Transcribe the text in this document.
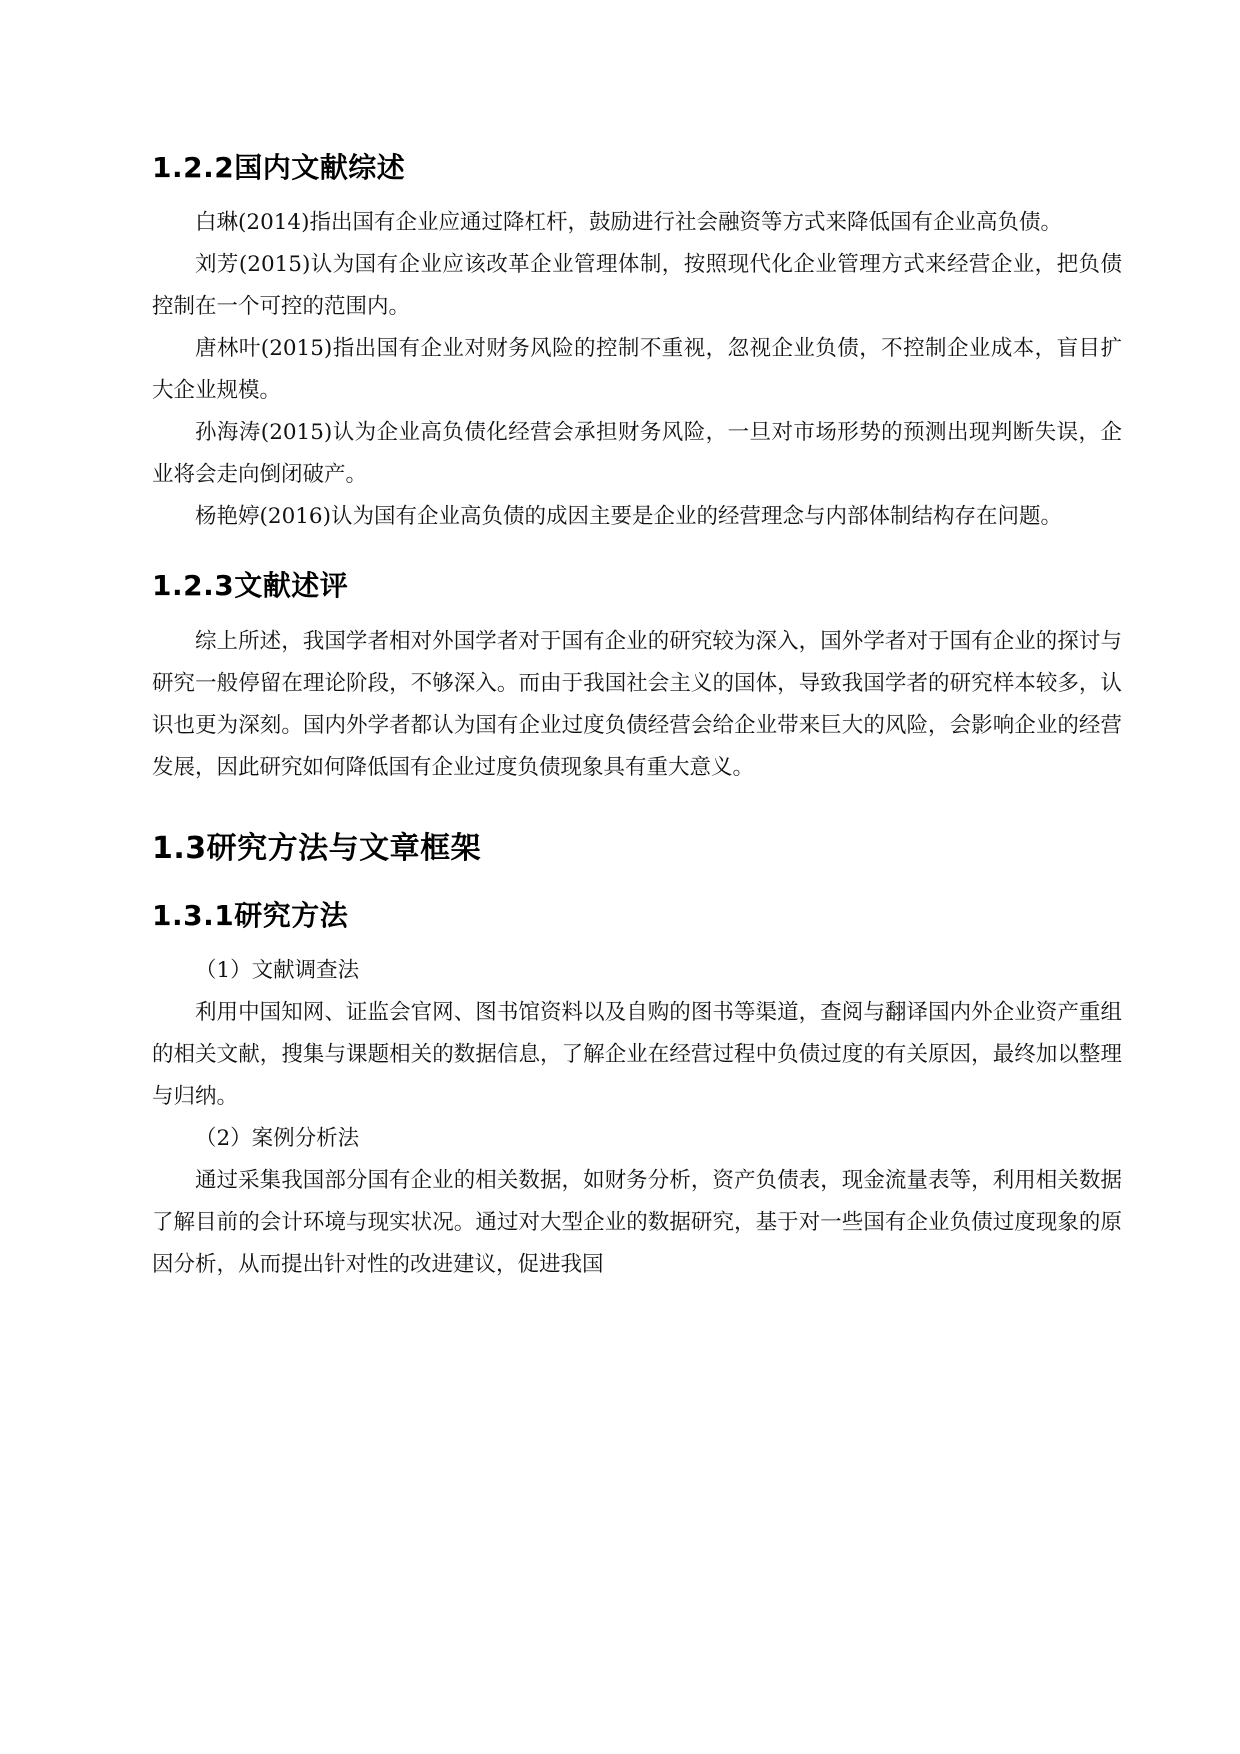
1.2.2国内文献综述

白琳(2014)指出国有企业应通过降杠杆，鼓励进行社会融资等方式来降低国有企业高负债。

刘芳(2015)认为国有企业应该改革企业管理体制，按照现代化企业管理方式来经营企业，把负债控制在一个可控的范围内。

唐林叶(2015)指出国有企业对财务风险的控制不重视，忽视企业负债，不控制企业成本，盲目扩大企业规模。

孙海涛(2015)认为企业高负债化经营会承担财务风险，一旦对市场形势的预测出现判断失误，企业将会走向倒闭破产。

杨艳婷(2016)认为国有企业高负债的成因主要是企业的经营理念与内部体制结构存在问题。

1.2.3文献述评

综上所述，我国学者相对外国学者对于国有企业的研究较为深入，国外学者对于国有企业的探讨与研究一般停留在理论阶段，不够深入。而由于我国社会主义的国体，导致我国学者的研究样本较多，认识也更为深刻。国内外学者都认为国有企业过度负债经营会给企业带来巨大的风险，会影响企业的经营发展，因此研究如何降低国有企业过度负债现象具有重大意义。

1.3研究方法与文章框架
1.3.1研究方法

（1）文献调查法

利用中国知网、证监会官网、图书馆资料以及自购的图书等渠道，查阅与翻译国内外企业资产重组的相关文献，搜集与课题相关的数据信息，了解企业在经营过程中负债过度的有关原因，最终加以整理与归纳。

（2）案例分析法

通过采集我国部分国有企业的相关数据，如财务分析，资产负债表，现金流量表等，利用相关数据了解目前的会计环境与现实状况。通过对大型企业的数据研究，基于对一些国有企业负债过度现象的原因分析，从而提出针对性的改进建议，促进我国
